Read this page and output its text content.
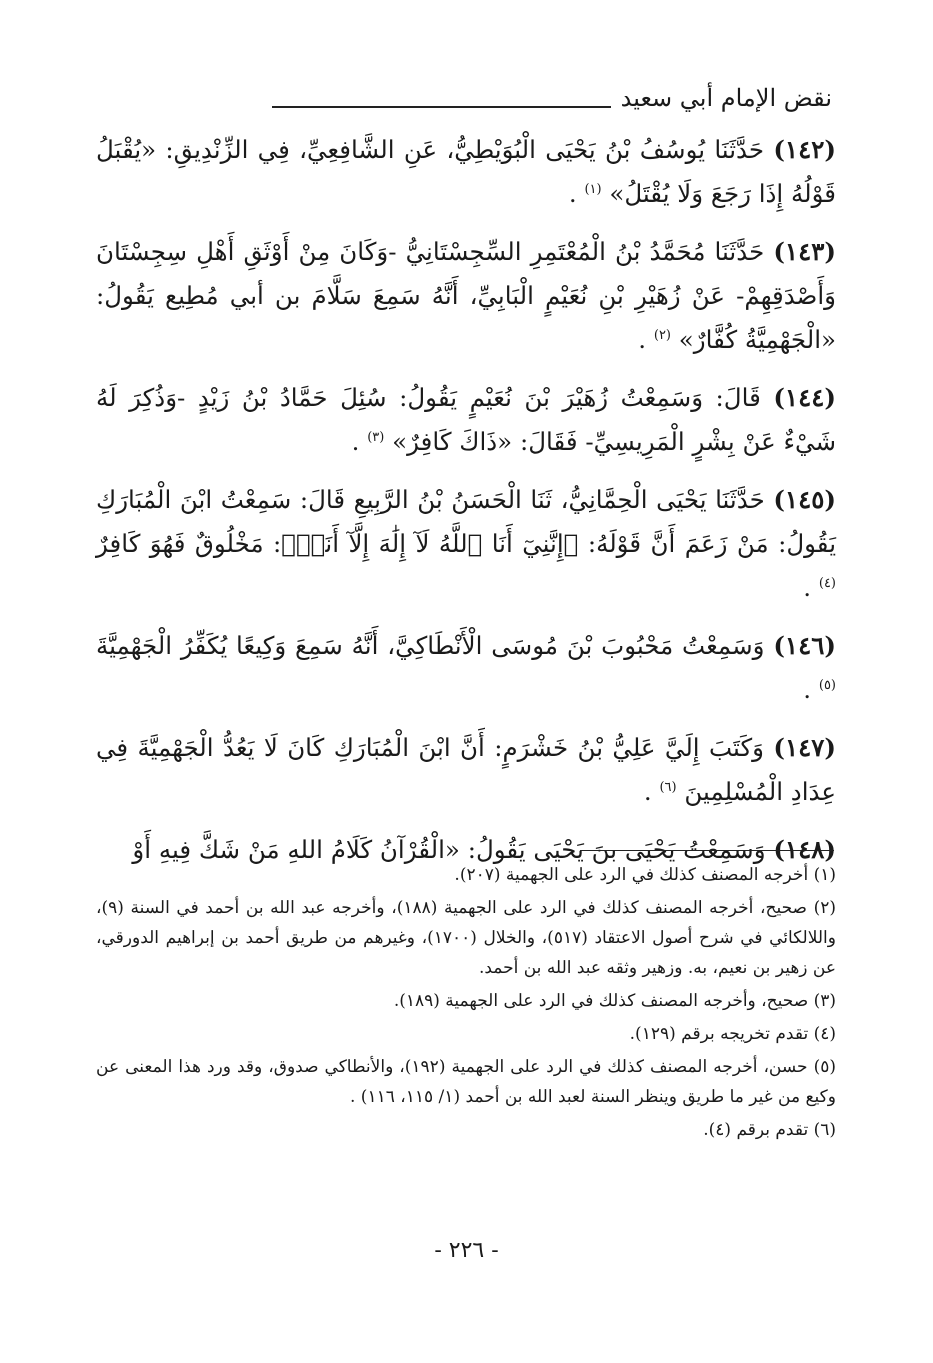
نقض الإمام أبي سعيد

(١٤٢) حَدَّثَنَا يُوسُفُ بْنُ يَحْيَى الْبُوَيْطِيُّ، عَنِ الشَّافِعِيِّ، فِي الزِّنْدِيقِ: «يُقْبَلُ قَوْلُهُ إِذَا رَجَعَ وَلَا يُقْتَلُ» $^{(١)}$ .

(١٤٣) حَدَّثَنَا مُحَمَّدُ بْنُ الْمُعْتَمِرِ السِّجِسْتَانِيُّ -وَكَانَ مِنْ أَوْثَقِ أَهْلِ سِجِسْتَانَ وَأَصْدَقِهِمْ- عَنْ زُهَيْرِ بْنِ نُعَيْمٍ الْبَابِيِّ، أَنَّهُ سَمِعَ سَلَّامَ بن أبي مُطِيع يَقُولُ: «الْجَهْمِيَّةُ كُفَّارٌ» $^{(٢)}$ .

(١٤٤) قَالَ: وَسَمِعْتُ زُهَيْرَ بْنَ نُعَيْمٍ يَقُولُ: سُئِلَ حَمَّادُ بْنُ زَيْدٍ -وَذُكِرَ لَهُ شَيْءٌ عَنْ بِشْرٍ الْمَرِيسِيِّ- فَقَالَ: «ذَاكَ كَافِرٌ» $^{(٣)}$ .

(١٤٥) حَدَّثَنَا يَحْيَى الْحِمَّانِيُّ، ثَنَا الْحَسَنُ بْنُ الرَّبِيعِ قَالَ: سَمِعْتُ ابْنَ الْمُبَارَكِ يَقُولُ: مَنْ زَعَمَ أَنَّ قَوْلَهُ: ﴿إِنَّنِيٓ أَنَا ٱللَّهُ لَآ إِلَٰهَ إِلَّآ أَنَا۠﴾: مَخْلُوقٌ فَهُوَ كَافِرٌ $^{(٤)}$ .

(١٤٦) وَسَمِعْتُ مَحْبُوبَ بْنَ مُوسَى الْأَنْطَاكِيَّ، أَنَّهُ سَمِعَ وَكِيعًا يُكَفِّرُ الْجَهْمِيَّةَ $^{(٥)}$ .

(١٤٧) وَكَتَبَ إِلَيَّ عَلِيُّ بْنُ خَشْرَمٍ: أَنَّ ابْنَ الْمُبَارَكِ كَانَ لَا يَعُدُّ الْجَهْمِيَّةَ فِي عِدَادِ الْمُسْلِمِينَ $^{(٦)}$ .

(١٤٨) وَسَمِعْتُ يَحْيَى بنَ يَحْيَى يَقُولُ: «الْقُرْآنُ كَلَامُ اللهِ مَنْ شَكَّ فِيهِ أَوْ

(١) أخرجه المصنف كذلك في الرد على الجهمية (٢٠٧).

(٢) صحيح، أخرجه المصنف كذلك في الرد على الجهمية (١٨٨)، وأخرجه عبد الله بن أحمد في السنة (٩)، واللالكائي في شرح أصول الاعتقاد (٥١٧)، والخلال (١٧٠٠)، وغيرهم من طريق أحمد بن إبراهيم الدورقي، عن زهير بن نعيم، به. وزهير وثقه عبد الله بن أحمد.

(٣) صحيح، وأخرجه المصنف كذلك في الرد على الجهمية (١٨٩).

(٤) تقدم تخريجه برقم (١٢٩).

(٥) حسن، أخرجه المصنف كذلك في الرد على الجهمية (١٩٢)، والأنطاكي صدوق، وقد ورد هذا المعنى عن وكيع من غير ما طريق وينظر السنة لعبد الله بن أحمد (١/ ١١٥، ١١٦) .

(٦) تقدم برقم (٤).

- ٢٢٦ -
